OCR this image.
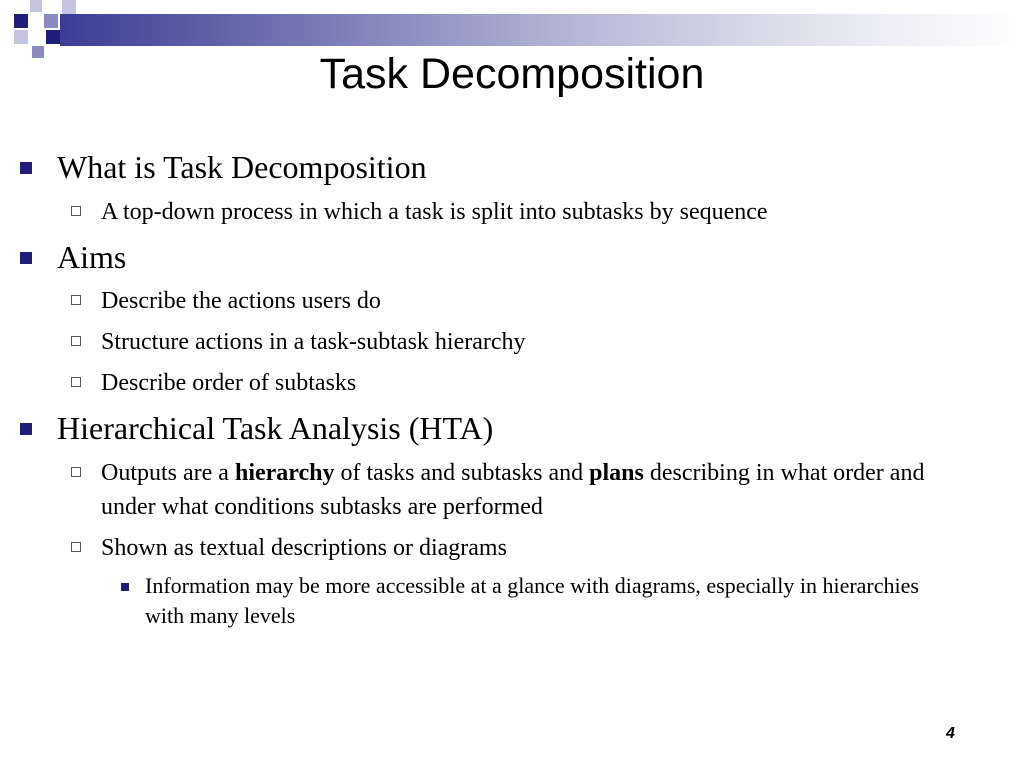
Task Decomposition
What is Task Decomposition
A top-down process in which a task is split into subtasks by sequence
Aims
Describe the actions users do
Structure actions in a task-subtask hierarchy
Describe order of subtasks
Hierarchical Task Analysis (HTA)
Outputs are a hierarchy of tasks and subtasks and plans describing in what order and under what conditions subtasks are performed
Shown as textual descriptions or diagrams
Information may be more accessible at a glance with diagrams, especially in hierarchies with many levels
4
